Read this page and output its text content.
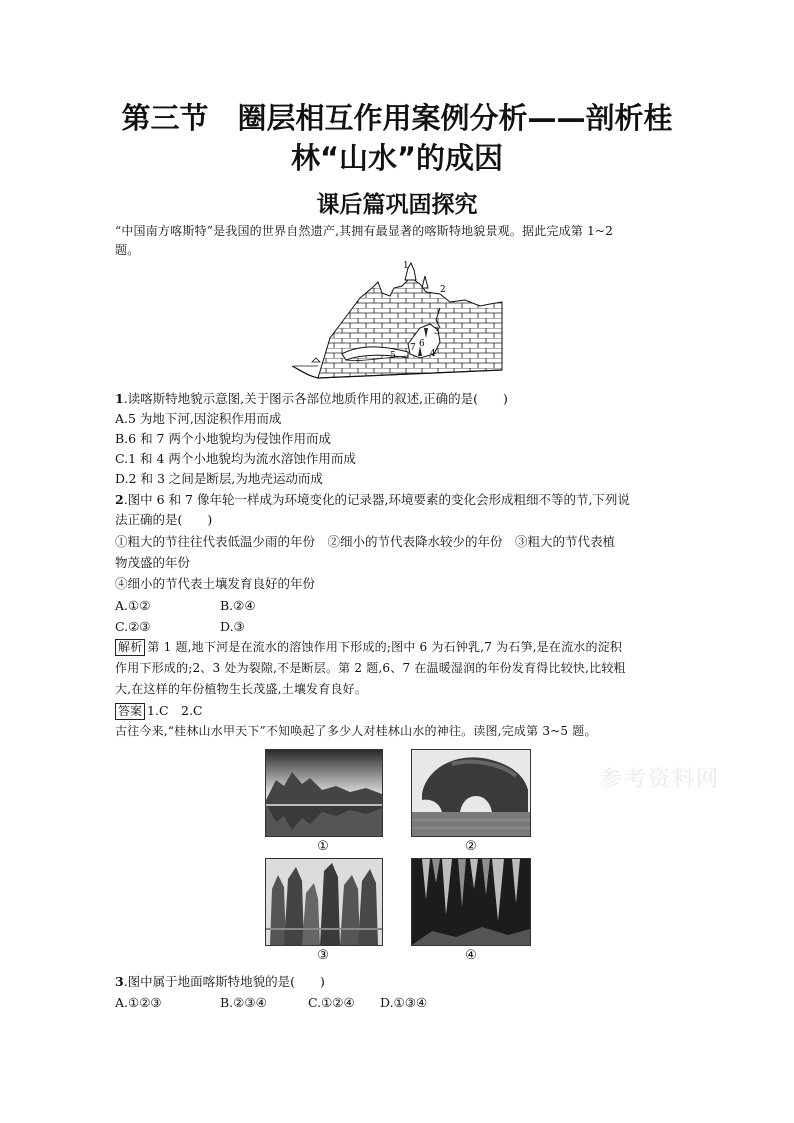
第三节　圈层相互作用案例分析——剖析桂
林“山水”的成因
课后篇巩固探究
“中国南方喀斯特”是我国的世界自然遗产,其拥有最显著的喀斯特地貌景观。据此完成第 1~2
题。
1
2
3
4
5
6
7
1.读喀斯特地貌示意图,关于图示各部位地质作用的叙述,正确的是(　　)
A.5 为地下河,因淀积作用而成
B.6 和 7 两个小地貌均为侵蚀作用而成
C.1 和 4 两个小地貌均为流水溶蚀作用而成
D.2 和 3 之间是断层,为地壳运动而成
2.图中 6 和 7 像年轮一样成为环境变化的记录器,环境要素的变化会形成粗细不等的节,下列说
法正确的是(　　)
①粗大的节往往代表低温少雨的年份　②细小的节代表降水较少的年份　③粗大的节代表植
物茂盛的年份
④细小的节代表土壤发育良好的年份
A.①②	B.②④
C.②③	D.③
解析 第 1 题,地下河是在流水的溶蚀作用下形成的;图中 6 为石钟乳,7 为石笋,是在流水的淀积
作用下形成的;2、3 处为裂隙,不是断层。第 2 题,6、7 在温暖湿润的年份发育得比较快,比较粗
大,在这样的年份植物生长茂盛,土壤发育良好。
答案 1.C　2.C
古往今来,“桂林山水甲天下”不知唤起了多少人对桂林山水的神往。读图,完成第 3~5 题。
①	②
③	④
参考资料网
3.图中属于地面喀斯特地貌的是(　　)
A.①②③	B.②③④	C.①②④ D.①③④
